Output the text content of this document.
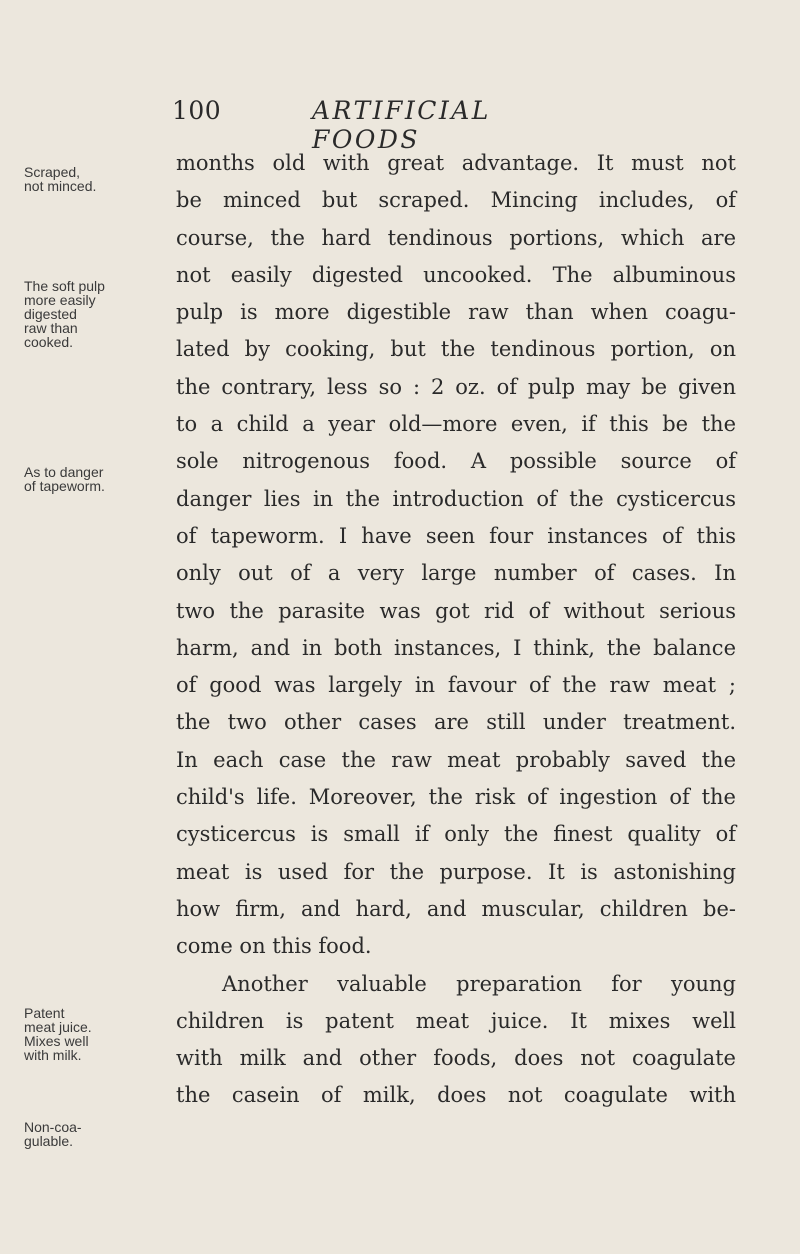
100	ARTIFICIAL FOODS
Scraped,
not minced.
The soft pulp
more easily
digested
raw than
cooked.
As to danger
of tapeworm.
Patent
meat juice.
Mixes well
with milk.
Non-coa-
gulable.
months old with great advantage. It must not
be minced but scraped. Mincing includes, of
course, the hard tendinous portions, which are
not easily digested uncooked. The albuminous
pulp is more digestible raw than when coagu-
lated by cooking, but the tendinous portion, on
the contrary, less so : 2 oz. of pulp may be given
to a child a year old—more even, if this be the
sole nitrogenous food. A possible source of
danger lies in the introduction of the cysticercus
of tapeworm. I have seen four instances of this
only out of a very large number of cases. In
two the parasite was got rid of without serious
harm, and in both instances, I think, the balance
of good was largely in favour of the raw meat ;
the two other cases are still under treatment.
In each case the raw meat probably saved the
child's life. Moreover, the risk of ingestion of the
cysticercus is small if only the finest quality of
meat is used for the purpose. It is astonishing
how firm, and hard, and muscular, children be-
come on this food.
Another valuable preparation for young
children is patent meat juice. It mixes well
with milk and other foods, does not coagulate
the casein of milk, does not coagulate with
